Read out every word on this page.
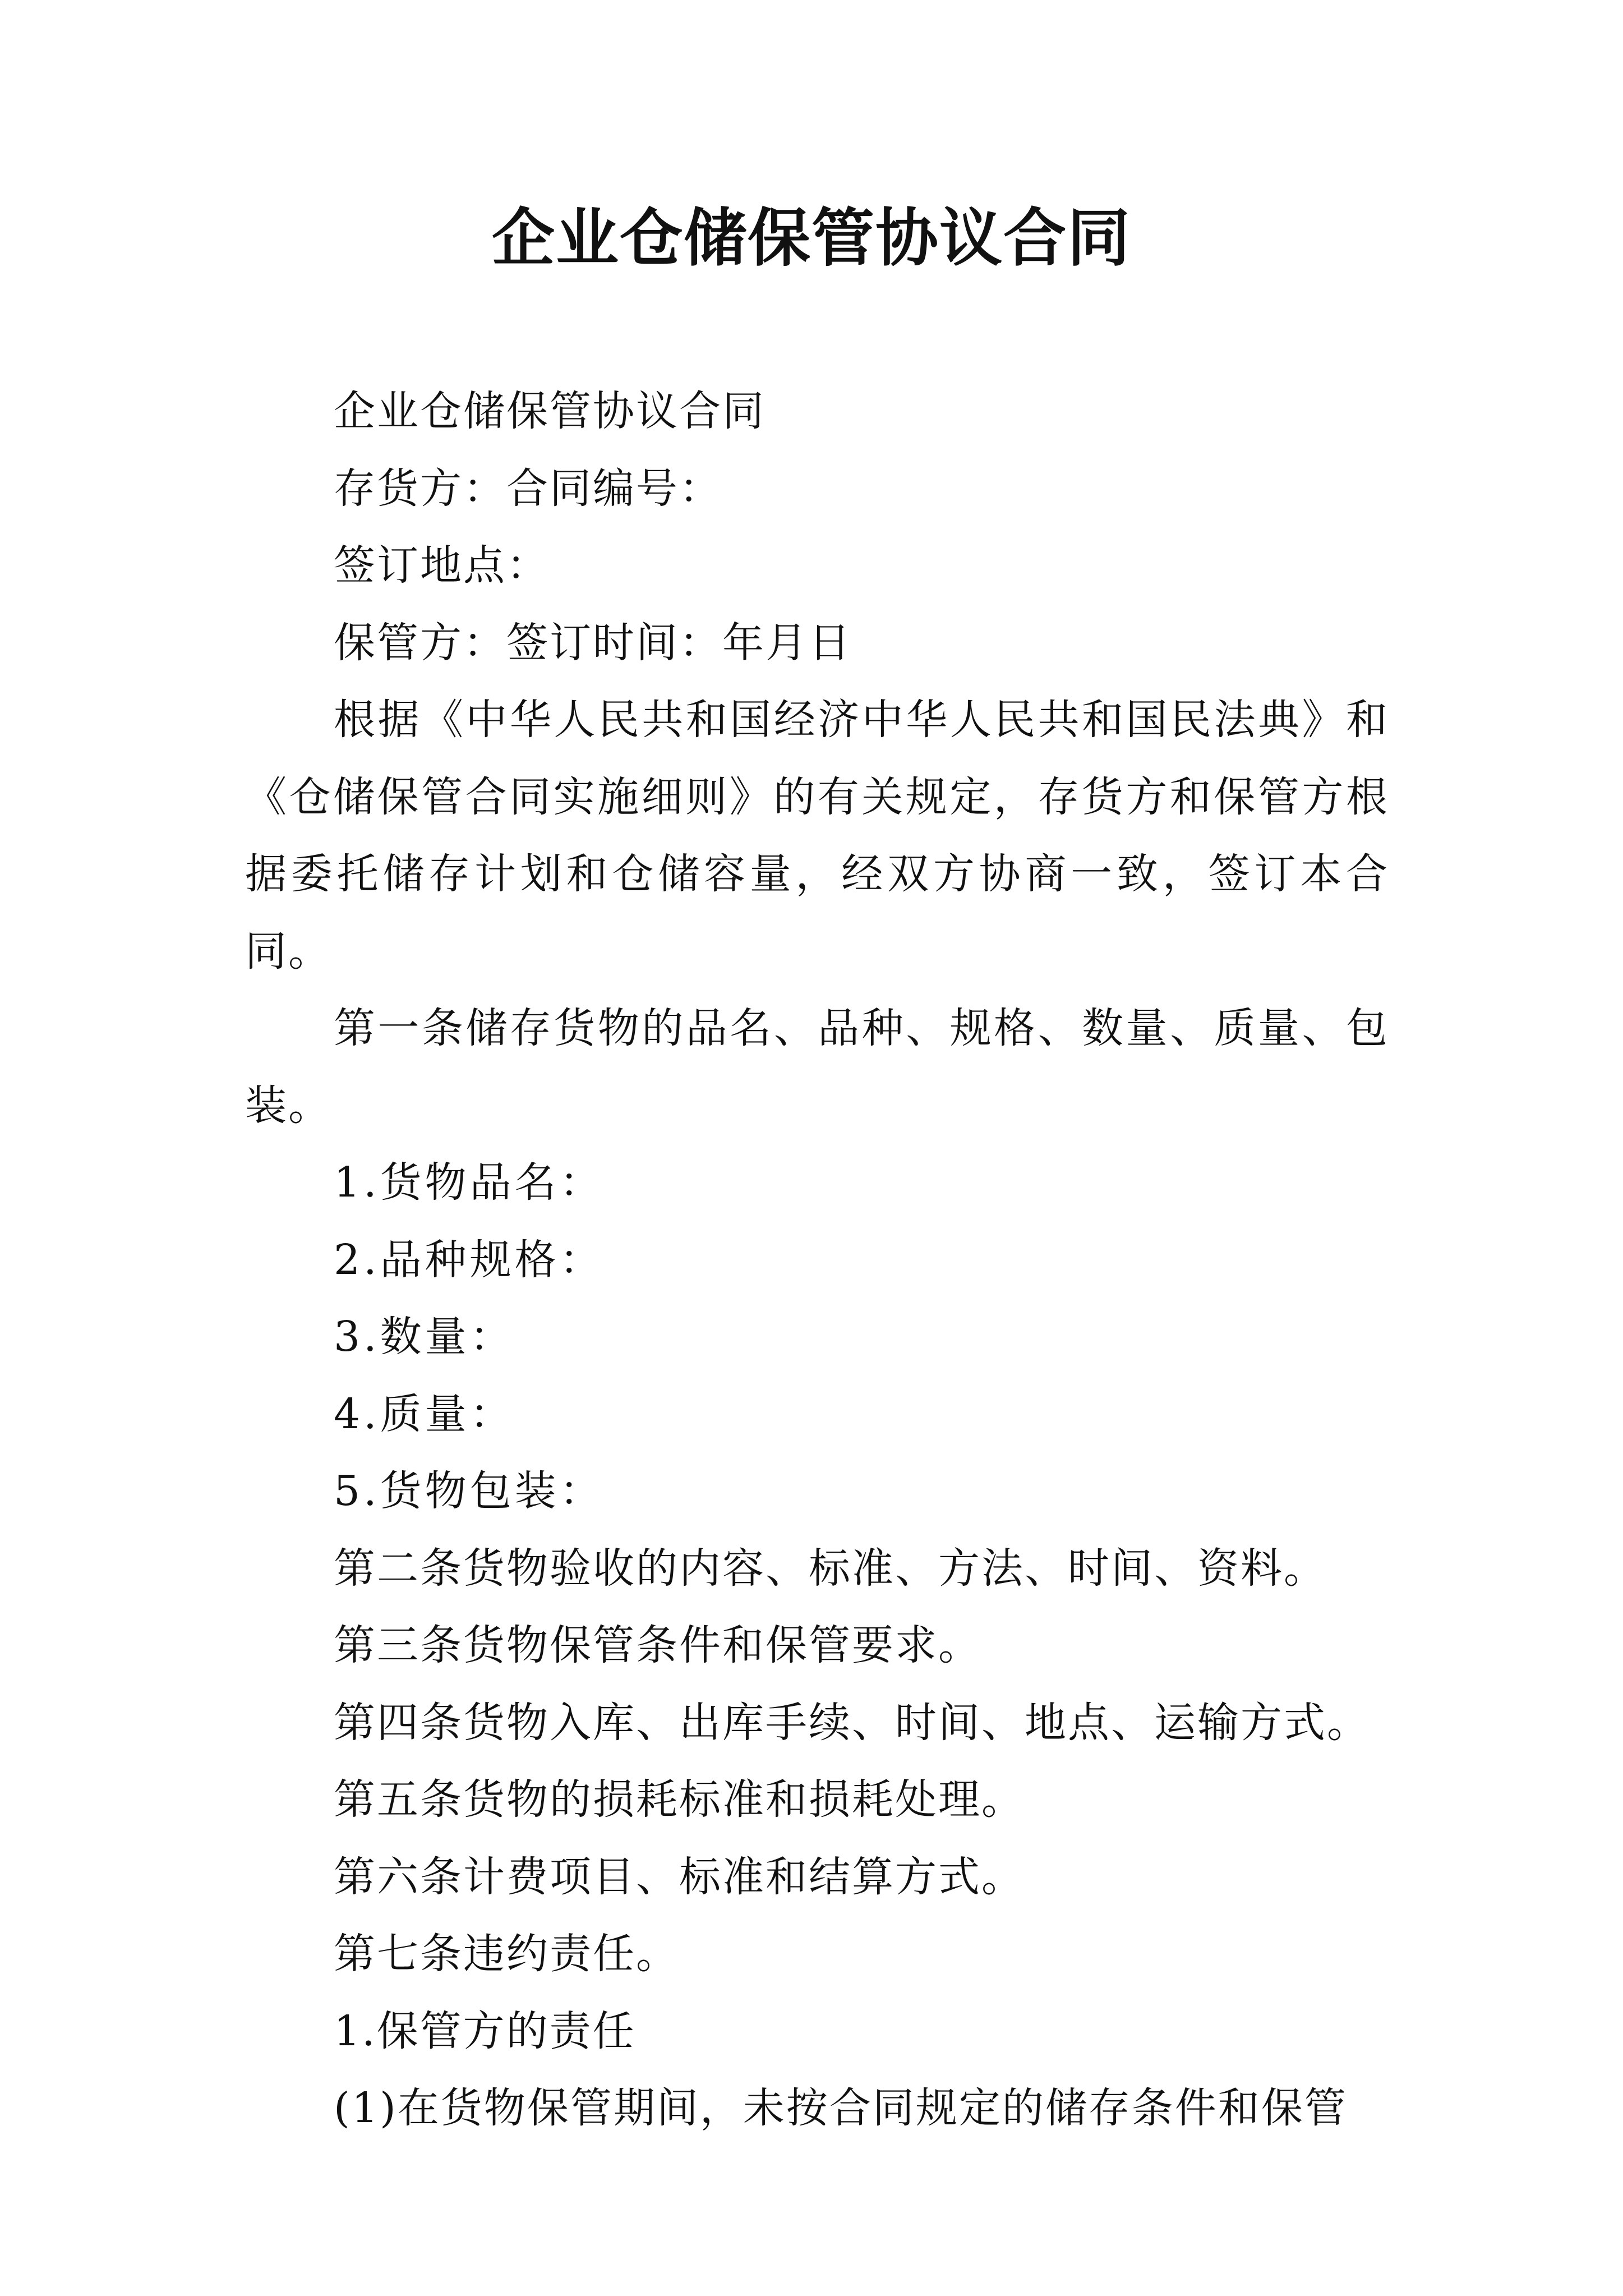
企业仓储保管协议合同

企业仓储保管协议合同

存货方：合同编号：

签订地点：

保管方：签订时间：年月日

根据《中华人民共和国经济中华人民共和国民法典》和《仓储保管合同实施细则》的有关规定，存货方和保管方根据委托储存计划和仓储容量，经双方协商一致，签订本合同。

第一条储存货物的品名、品种、规格、数量、质量、包装。

1.货物品名：

2.品种规格：

3.数量：

4.质量：

5.货物包装：

第二条货物验收的内容、标准、方法、时间、资料。

第三条货物保管条件和保管要求。

第四条货物入库、出库手续、时间、地点、运输方式。

第五条货物的损耗标准和损耗处理。

第六条计费项目、标准和结算方式。

第七条违约责任。

1.保管方的责任

(1)在货物保管期间，未按合同规定的储存条件和保管
